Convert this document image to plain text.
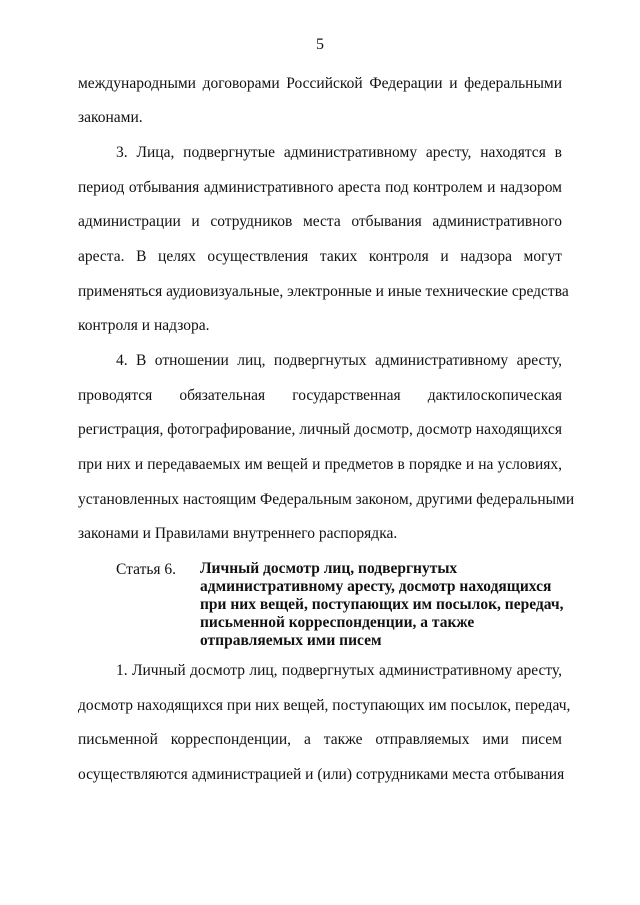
5
международными договорами Российской Федерации и федеральными
законами.
3. Лица, подвергнутые административному аресту, находятся в
период отбывания административного ареста под контролем и надзором
администрации и сотрудников места отбывания административного
ареста. В целях осуществления таких контроля и надзора могут
применяться аудиовизуальные, электронные и иные технические средства
контроля и надзора.
4. В отношении лиц, подвергнутых административному аресту,
проводятся обязательная государственная дактилоскопическая
регистрация, фотографирование, личный досмотр, досмотр находящихся
при них и передаваемых им вещей и предметов в порядке и на условиях,
установленных настоящим Федеральным законом, другими федеральными
законами и Правилами внутреннего распорядка.
Статья 6. Личный досмотр лиц, подвергнутых
административному аресту, досмотр находящихся
при них вещей, поступающих им посылок, передач,
письменной корреспонденции, а также
отправляемых ими писем
1. Личный досмотр лиц, подвергнутых административному аресту,
досмотр находящихся при них вещей, поступающих им посылок, передач,
письменной корреспонденции, а также отправляемых ими писем
осуществляются администрацией и (или) сотрудниками места отбывания
